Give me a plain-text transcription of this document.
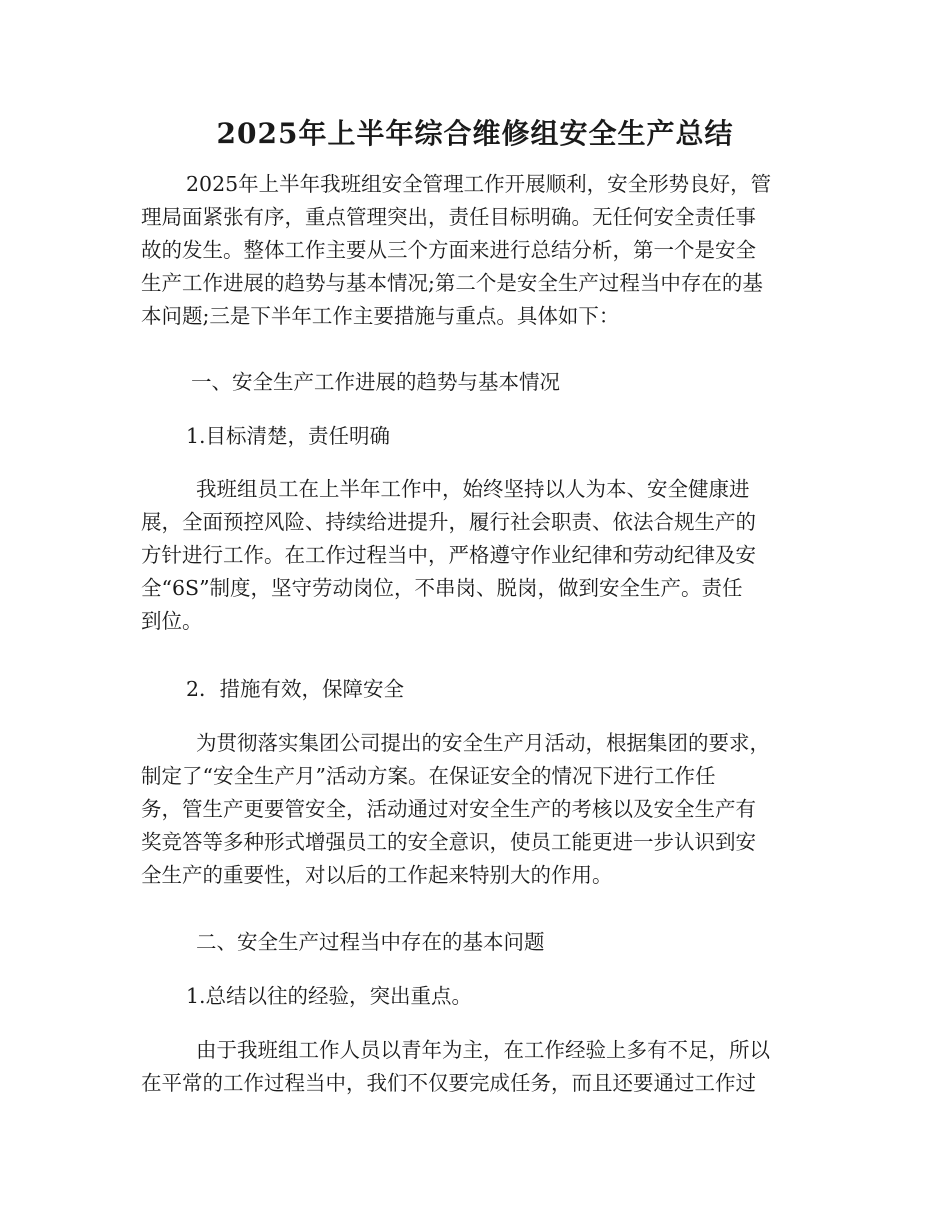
2025年上半年综合维修组安全生产总结
2025年上半年我班组安全管理工作开展顺利，安全形势良好，管
理局面紧张有序，重点管理突出，责任目标明确。无任何安全责任事
故的发生。整体工作主要从三个方面来进行总结分析，第一个是安全
生产工作进展的趋势与基本情况;第二个是安全生产过程当中存在的基
本问题;三是下半年工作主要措施与重点。具体如下：
一、安全生产工作进展的趋势与基本情况
1.目标清楚，责任明确
我班组员工在上半年工作中，始终坚持以人为本、安全健康进
展，全面预控风险、持续给进提升，履行社会职责、依法合规生产的
方针进行工作。在工作过程当中，严格遵守作业纪律和劳动纪律及安
全“6S”制度，坚守劳动岗位，不串岗、脱岗，做到安全生产。责任
到位。
2．措施有效，保障安全
为贯彻落实集团公司提出的安全生产月活动，根据集团的要求，
制定了“安全生产月”活动方案。在保证安全的情况下进行工作任
务，管生产更要管安全，活动通过对安全生产的考核以及安全生产有
奖竞答等多种形式增强员工的安全意识，使员工能更进一步认识到安
全生产的重要性，对以后的工作起来特别大的作用。
二、安全生产过程当中存在的基本问题
1.总结以往的经验，突出重点。
由于我班组工作人员以青年为主，在工作经验上多有不足，所以
在平常的工作过程当中，我们不仅要完成任务，而且还要通过工作过
